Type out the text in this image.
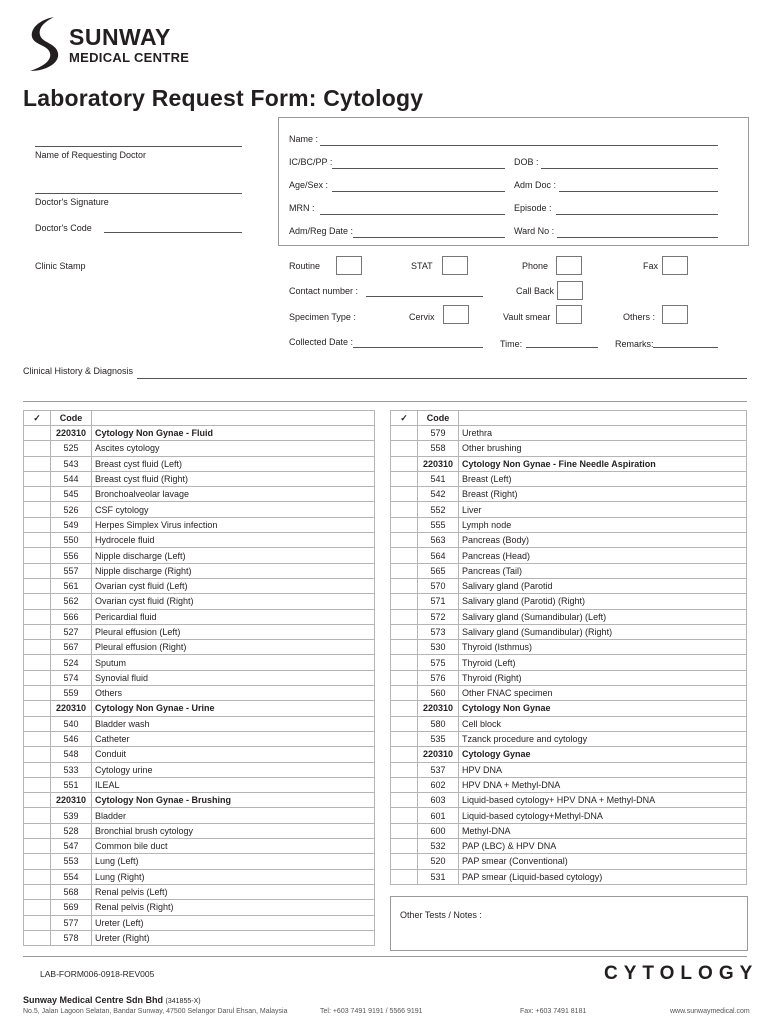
SUNWAY
MEDICAL CENTRE
Laboratory Request Form: Cytology
Name of Requesting Doctor
Doctor's Signature
Doctor's Code
Clinic Stamp
Name :
IC/BC/PP :	DOB :
Age/Sex :	Adm Doc :
MRN :	Episode :
Adm/Reg Date :	Ward No :
Routine	STAT	Phone	Fax
Contact number :	Call Back
Specimen Type :	Cervix	Vault smear	Others :
Collected Date :	Time:	Remarks:
Clinical History & Diagnosis
✓	Code	
	220310	Cytology Non Gynae - Fluid
	525	Ascites cytology
	543	Breast cyst fluid (Left)
	544	Breast cyst fluid (Right)
	545	Bronchoalveolar lavage
	526	CSF cytology
	549	Herpes Simplex Virus infection
	550	Hydrocele fluid
	556	Nipple discharge (Left)
	557	Nipple discharge (Right)
	561	Ovarian cyst fluid (Left)
	562	Ovarian cyst fluid (Right)
	566	Pericardial fluid
	527	Pleural effusion (Left)
	567	Pleural effusion (Right)
	524	Sputum
	574	Synovial fluid
	559	Others
	220310	Cytology Non Gynae - Urine
	540	Bladder wash
	546	Catheter
	548	Conduit
	533	Cytology urine
	551	ILEAL
	220310	Cytology Non Gynae - Brushing
	539	Bladder
	528	Bronchial brush cytology
	547	Common bile duct
	553	Lung (Left)
	554	Lung (Right)
	568	Renal pelvis (Left)
	569	Renal pelvis (Right)
	577	Ureter (Left)
	578	Ureter (Right)
✓	Code	
	579	Urethra
	558	Other brushing
	220310	Cytology Non Gynae - Fine Needle Aspiration
	541	Breast (Left)
	542	Breast (Right)
	552	Liver
	555	Lymph node
	563	Pancreas (Body)
	564	Pancreas (Head)
	565	Pancreas (Tail)
	570	Salivary gland (Parotid
	571	Salivary gland (Parotid) (Right)
	572	Salivary gland (Sumandibular) (Left)
	573	Salivary gland (Sumandibular) (Right)
	530	Thyroid (Isthmus)
	575	Thyroid (Left)
	576	Thyroid (Right)
	560	Other FNAC specimen
	220310	Cytology Non Gynae
	580	Cell block
	535	Tzanck procedure and cytology
	220310	Cytology Gynae
	537	HPV DNA
	602	HPV DNA + Methyl-DNA
	603	Liquid-based cytology+ HPV DNA + Methyl-DNA
	601	Liquid-based cytology+Methyl-DNA
	600	Methyl-DNA
	532	PAP (LBC) & HPV DNA
	520	PAP smear (Conventional)
	531	PAP smear (Liquid-based cytology)
Other Tests / Notes :
LAB-FORM006-0918-REV005	CYTOLOGY
Sunway Medical Centre Sdn Bhd (341855-X)
No.5, Jalan Lagoon Selatan, Bandar Sunway, 47500 Selangor Darul Ehsan, Malaysia	Tel: +603 7491 9191 / 5566 9191	Fax: +603 7491 8181	www.sunwaymedical.com
